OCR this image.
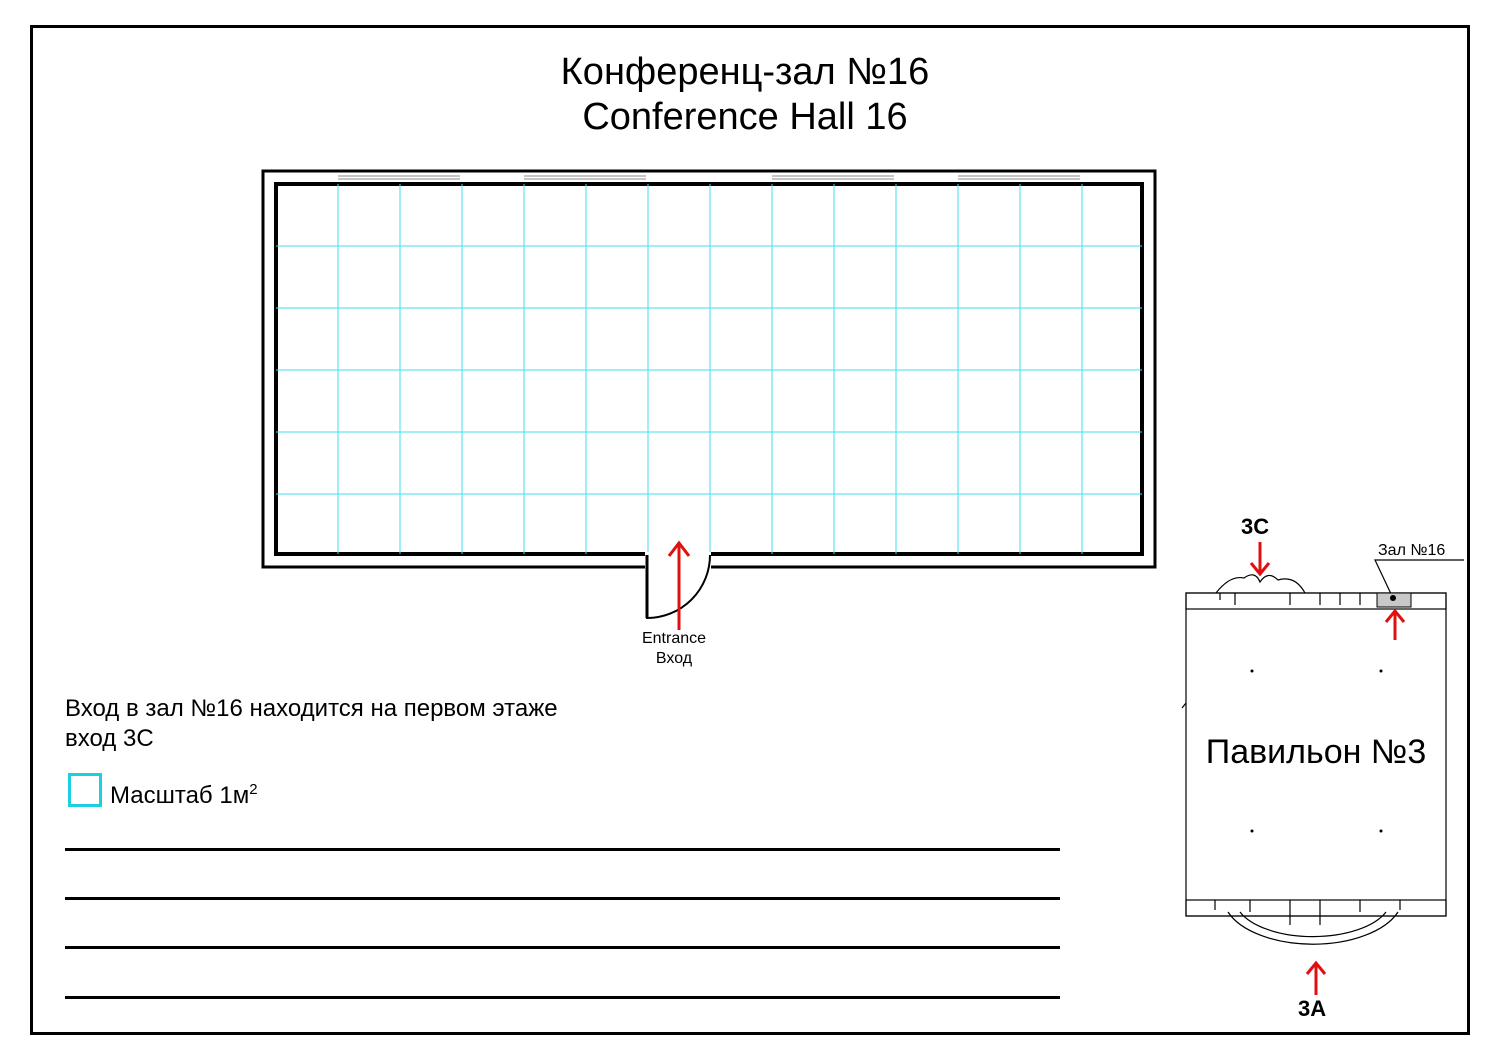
Конференц-зал №16
Conference Hall 16
Entrance
Вход
Вход в зал №16 находится на первом этаже
вход 3С
Масштаб $1м^2$
3С
Зал №16
Павильон №3
3А
